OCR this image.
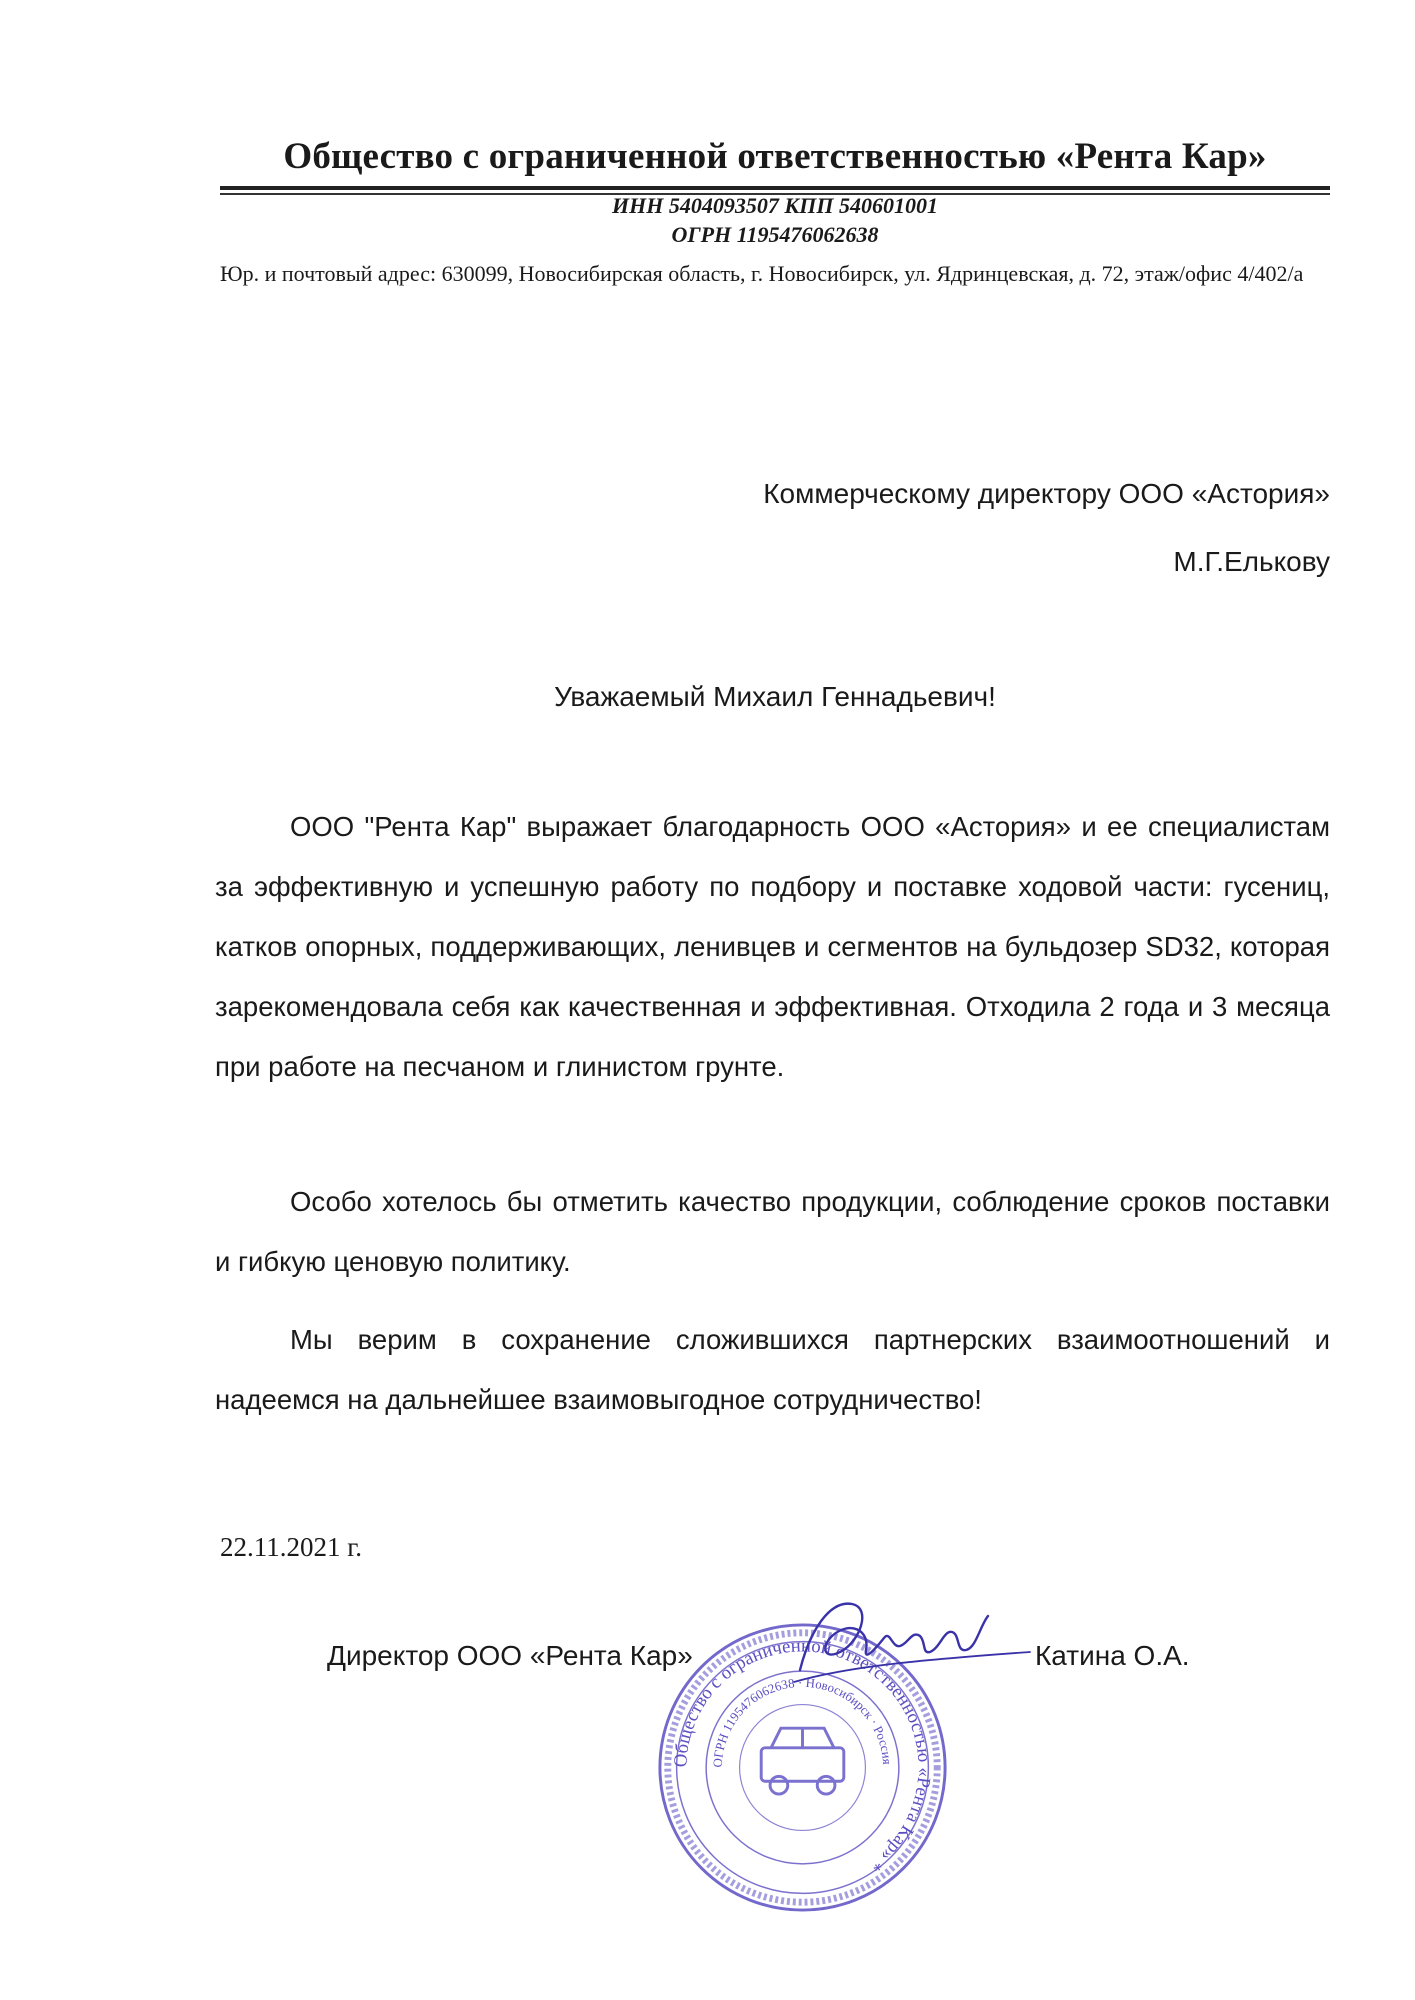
Общество с ограниченной ответственностью «Рента Кар»
ИНН 5404093507 КПП 540601001
ОГРН 1195476062638
Юр. и почтовый адрес: 630099, Новосибирская область, г. Новосибирск, ул. Ядринцевская, д. 72, этаж/офис 4/402/а
Коммерческому директору ООО «Астория»
М.Г.Елькову
Уважаемый Михаил Геннадьевич!

ООО "Рента Кар" выражает благодарность ООО «Астория» и ее специалистам за эффективную и успешную работу по подбору и поставке ходовой части: гусениц, катков опорных, поддерживающих, ленивцев и сегментов на бульдозер SD32, которая зарекомендовала себя как качественная и эффективная. Отходила 2 года и 3 месяца при работе на песчаном и глинистом грунте.

Особо хотелось бы отметить качество продукции, соблюдение сроков поставки и гибкую ценовую политику.

Мы верим в сохранение сложившихся партнерских взаимоотношений и надеемся на дальнейшее взаимовыгодное сотрудничество!

22.11.2021 г.
Общество с ограниченной ответственностью «Рента Кар» *
ОГРН 1195476062638 · Новосибирск · Россия
Директор ООО «Рента Кар»	Катина О.А.
